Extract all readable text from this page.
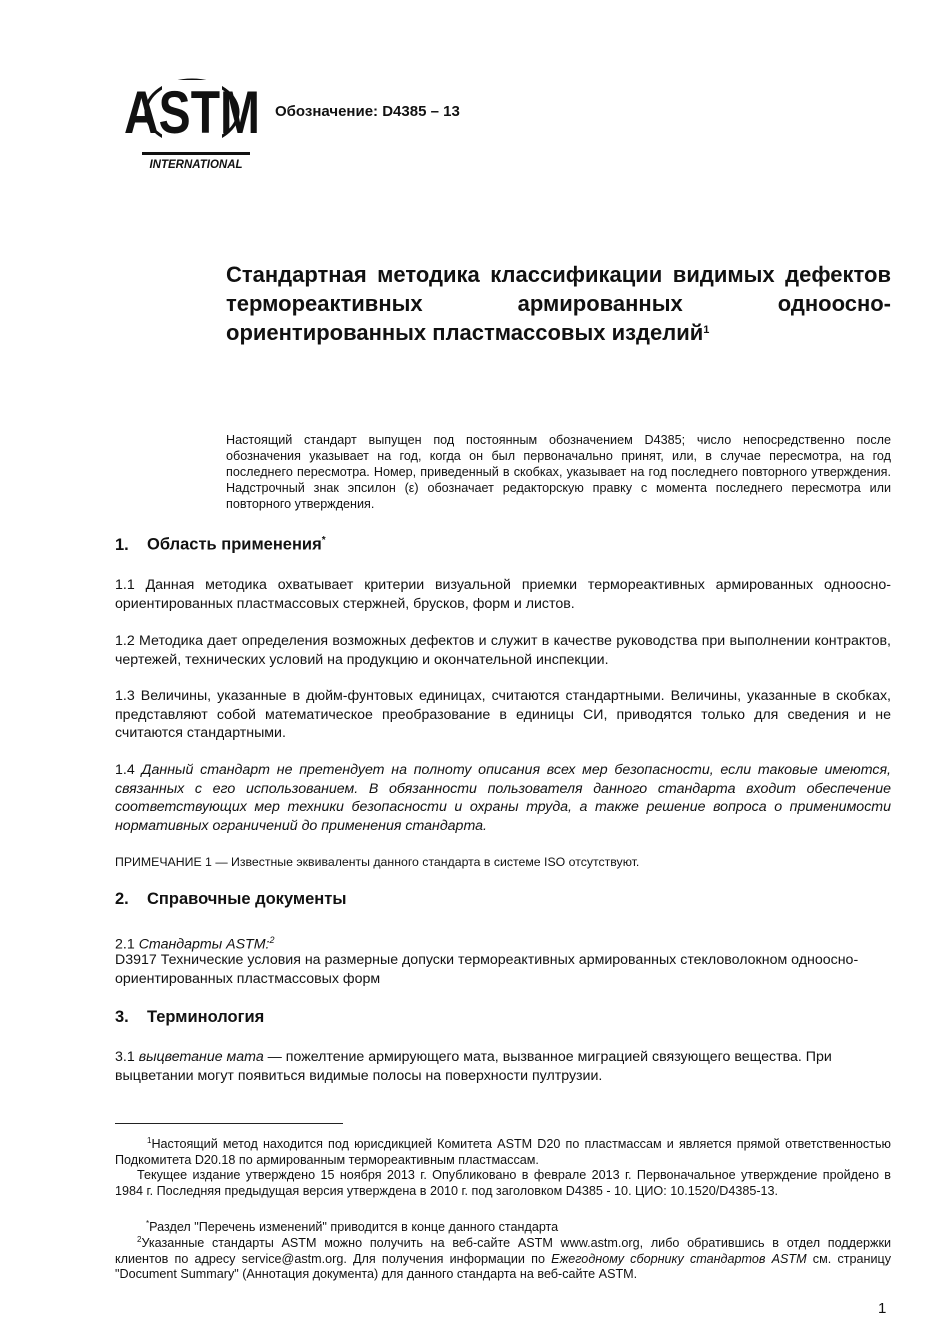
ASTM
INTERNATIONAL
Обозначение: D4385 – 13
Стандартная методика классификации видимых дефектов термореактивных армированных одноосно-ориентированных пластмассовых изделий$^1$
Настоящий стандарт выпущен под постоянным обозначением D4385; число непосредственно после обозначения указывает на год, когда он был первоначально принят, или, в случае пересмотра, на год последнего пересмотра. Номер, приведенный в скобках, указывает на год последнего повторного утверждения. Надстрочный знак эпсилон (ε) обозначает редакторскую правку с момента последнего пересмотра или повторного утверждения.
1. Область применения*
1.1 Данная методика охватывает критерии визуальной приемки термореактивных армированных одноосно-ориентированных пластмассовых стержней, брусков, форм и листов.
1.2 Методика дает определения возможных дефектов и служит в качестве руководства при выполнении контрактов, чертежей, технических условий на продукцию и окончательной инспекции.
1.3 Величины, указанные в дюйм-фунтовых единицах, считаются стандартными. Величины, указанные в скобках, представляют собой математическое преобразование в единицы СИ, приводятся только для сведения и не считаются стандартными.
1.4 Данный стандарт не претендует на полноту описания всех мер безопасности, если таковые имеются, связанных с его использованием. В обязанности пользователя данного стандарта входит обеспечение соответствующих мер техники безопасности и охраны труда, а также решение вопроса о применимости нормативных ограничений до применения стандарта.
ПРИМЕЧАНИЕ 1 — Известные эквиваленты данного стандарта в системе ISO отсутствуют.
2. Справочные документы
2.1 Стандарты ASTM:$^2$
D3917 Технические условия на размерные допуски термореактивных армированных стекловолокном одноосно-ориентированных пластмассовых форм
3. Терминология
3.1 выцветание мата — пожелтение армирующего мата, вызванное миграцией связующего вещества. При выцветании могут появиться видимые полосы на поверхности пултрузии.
$^1$Настоящий метод находится под юрисдикцией Комитета ASTM D20 по пластмассам и является прямой ответственностью Подкомитета D20.18 по армированным термореактивным пластмассам.
Текущее издание утверждено 15 ноября 2013 г. Опубликовано в феврале 2013 г. Первоначальное утверждение пройдено в 1984 г. Последняя предыдущая версия утверждена в 2010 г. под заголовком D4385 - 10. ЦИО: 10.1520/D4385-13.
*Раздел "Перечень изменений" приводится в конце данного стандарта
$^2$Указанные стандарты ASTM можно получить на веб-сайте ASTM www.astm.org, либо обратившись в отдел поддержки клиентов по адресу service@astm.org. Для получения информации по Ежегодному сборнику стандартов ASTM см. страницу "Document Summary" (Аннотация документа) для данного стандарта на веб-сайте ASTM.
1
